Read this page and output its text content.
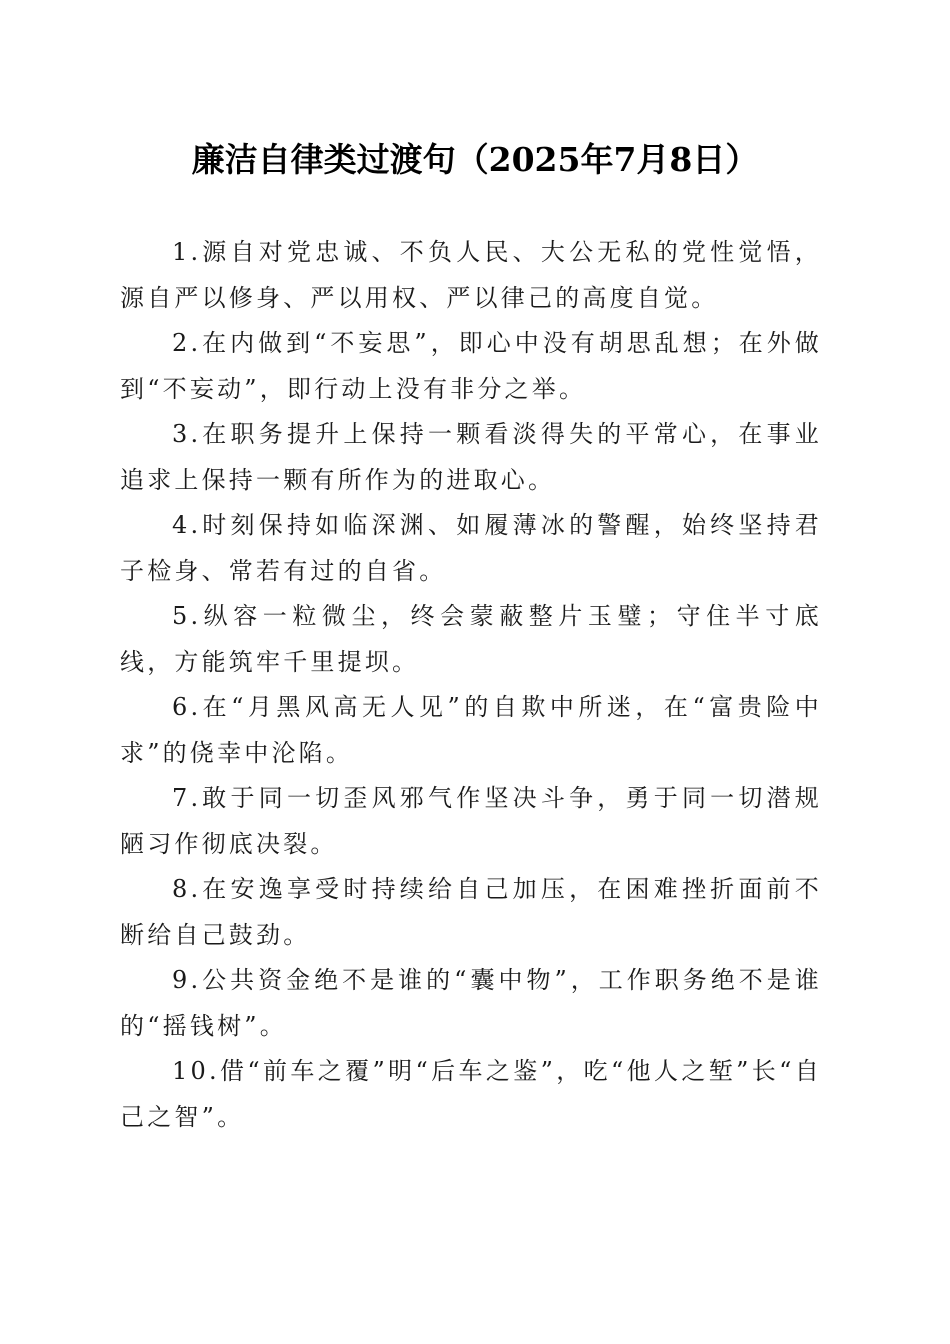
廉洁自律类过渡句（2025年7月8日）

1.源自对党忠诚、不负人民、大公无私的党性觉悟，源自严以修身、严以用权、严以律己的高度自觉。

2.在内做到“不妄思”，即心中没有胡思乱想；在外做到“不妄动”，即行动上没有非分之举。

3.在职务提升上保持一颗看淡得失的平常心，在事业追求上保持一颗有所作为的进取心。

4.时刻保持如临深渊、如履薄冰的警醒，始终坚持君子检身、常若有过的自省。

5.纵容一粒微尘，终会蒙蔽整片玉璧；守住半寸底线，方能筑牢千里提坝。

6.在“月黑风高无人见”的自欺中所迷，在“富贵险中求”的侥幸中沦陷。

7.敢于同一切歪风邪气作坚决斗争，勇于同一切潜规陋习作彻底决裂。

8.在安逸享受时持续给自己加压，在困难挫折面前不断给自己鼓劲。

9.公共资金绝不是谁的“囊中物”，工作职务绝不是谁的“摇钱树”。

10.借“前车之覆”明“后车之鉴”，吃“他人之堑”长“自己之智”。
